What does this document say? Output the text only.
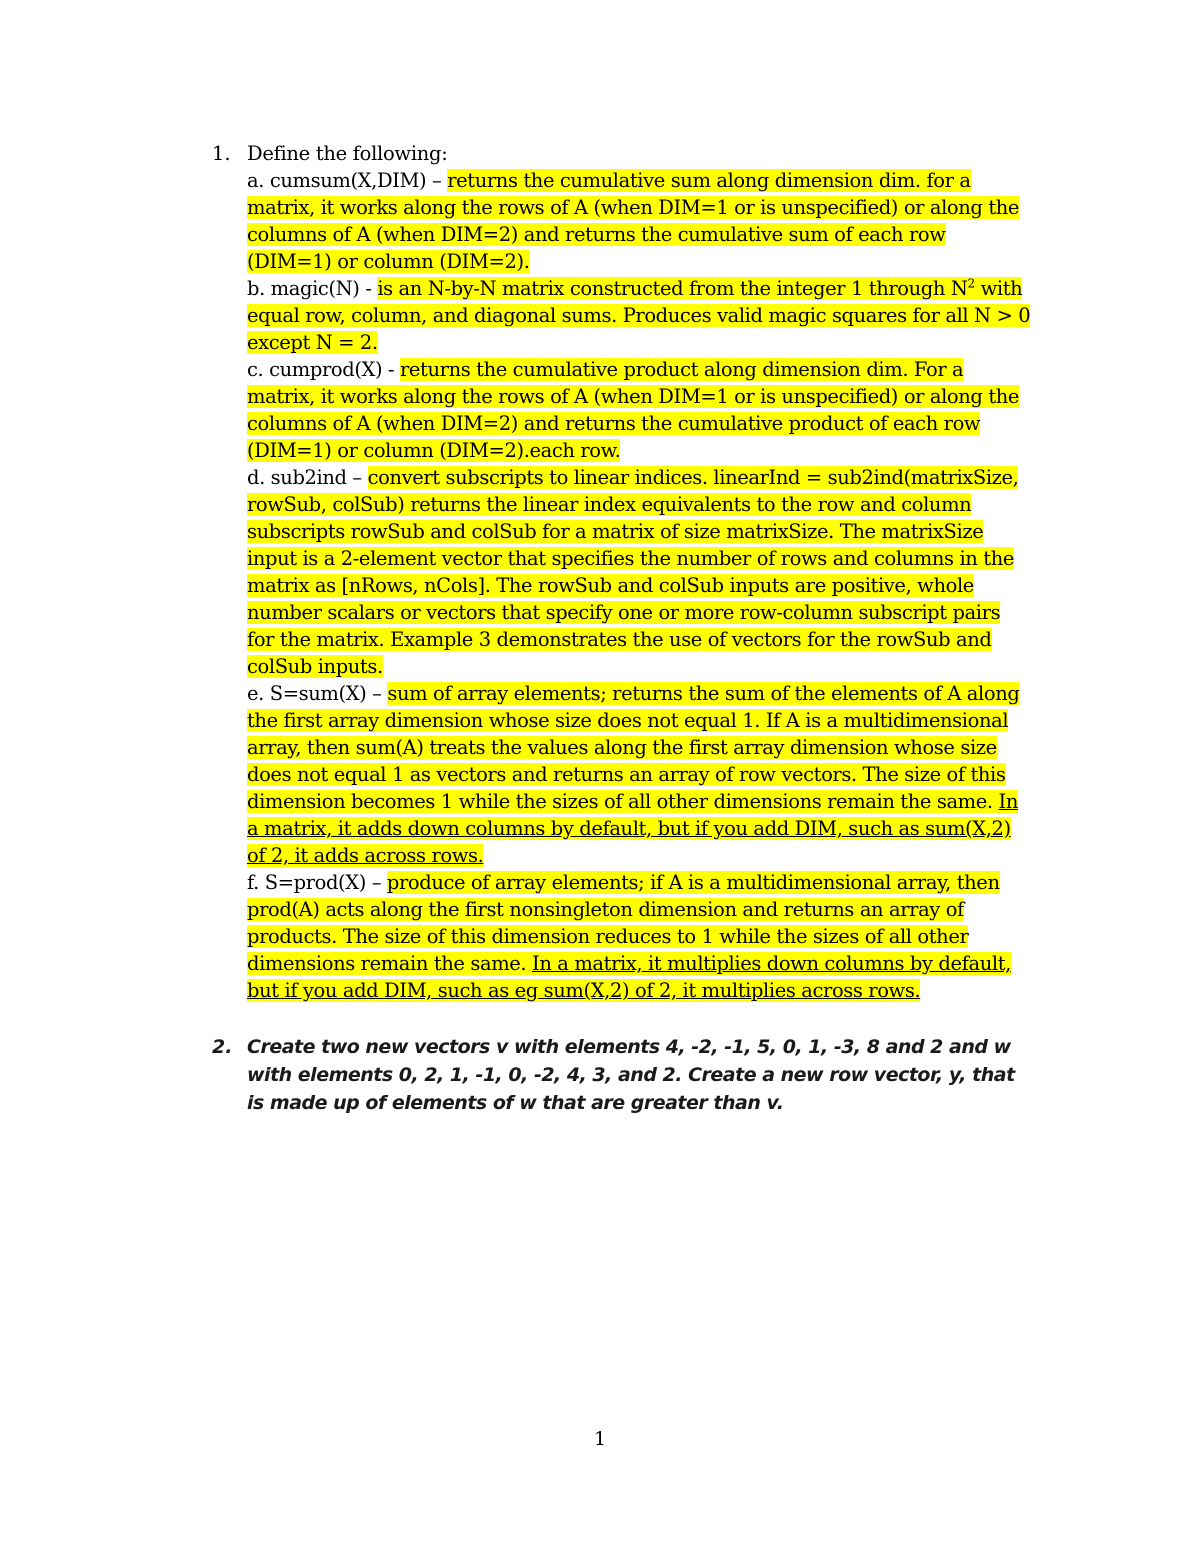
1. Define the following:
a. cumsum(X,DIM) – returns the cumulative sum along dimension dim. for a matrix, it works along the rows of A (when DIM=1 or is unspecified) or along the columns of A (when DIM=2) and returns the cumulative sum of each row (DIM=1) or column (DIM=2).
b. magic(N) - is an N-by-N matrix constructed from the integer 1 through $N^2$ with equal row, column, and diagonal sums. Produces valid magic squares for all N > 0 except N = 2.
c. cumprod(X) - returns the cumulative product along dimension dim. For a matrix, it works along the rows of A (when DIM=1 or is unspecified) or along the columns of A (when DIM=2) and returns the cumulative product of each row (DIM=1) or column (DIM=2).each row.
d. sub2ind – convert subscripts to linear indices. linearInd = sub2ind(matrixSize, rowSub, colSub) returns the linear index equivalents to the row and column subscripts rowSub and colSub for a matrix of size matrixSize. The matrixSize input is a 2-element vector that specifies the number of rows and columns in the matrix as [nRows, nCols]. The rowSub and colSub inputs are positive, whole number scalars or vectors that specify one or more row-column subscript pairs for the matrix. Example 3 demonstrates the use of vectors for the rowSub and colSub inputs.
e. S=sum(X) – sum of array elements; returns the sum of the elements of A along the first array dimension whose size does not equal 1. If A is a multidimensional array, then sum(A) treats the values along the first array dimension whose size does not equal 1 as vectors and returns an array of row vectors. The size of this dimension becomes 1 while the sizes of all other dimensions remain the same. In a matrix, it adds down columns by default, but if you add DIM, such as sum(X,2) of 2, it adds across rows.
f. S=prod(X) – produce of array elements; if A is a multidimensional array, then prod(A) acts along the first nonsingleton dimension and returns an array of products. The size of this dimension reduces to 1 while the sizes of all other dimensions remain the same. In a matrix, it multiplies down columns by default, but if you add DIM, such as eg sum(X,2) of 2, it multiplies across rows.
2. Create two new vectors v with elements 4, -2, -1, 5, 0, 1, -3, 8 and 2 and w with elements 0, 2, 1, -1, 0, -2, 4, 3, and 2. Create a new row vector, y, that is made up of elements of w that are greater than v.
1
